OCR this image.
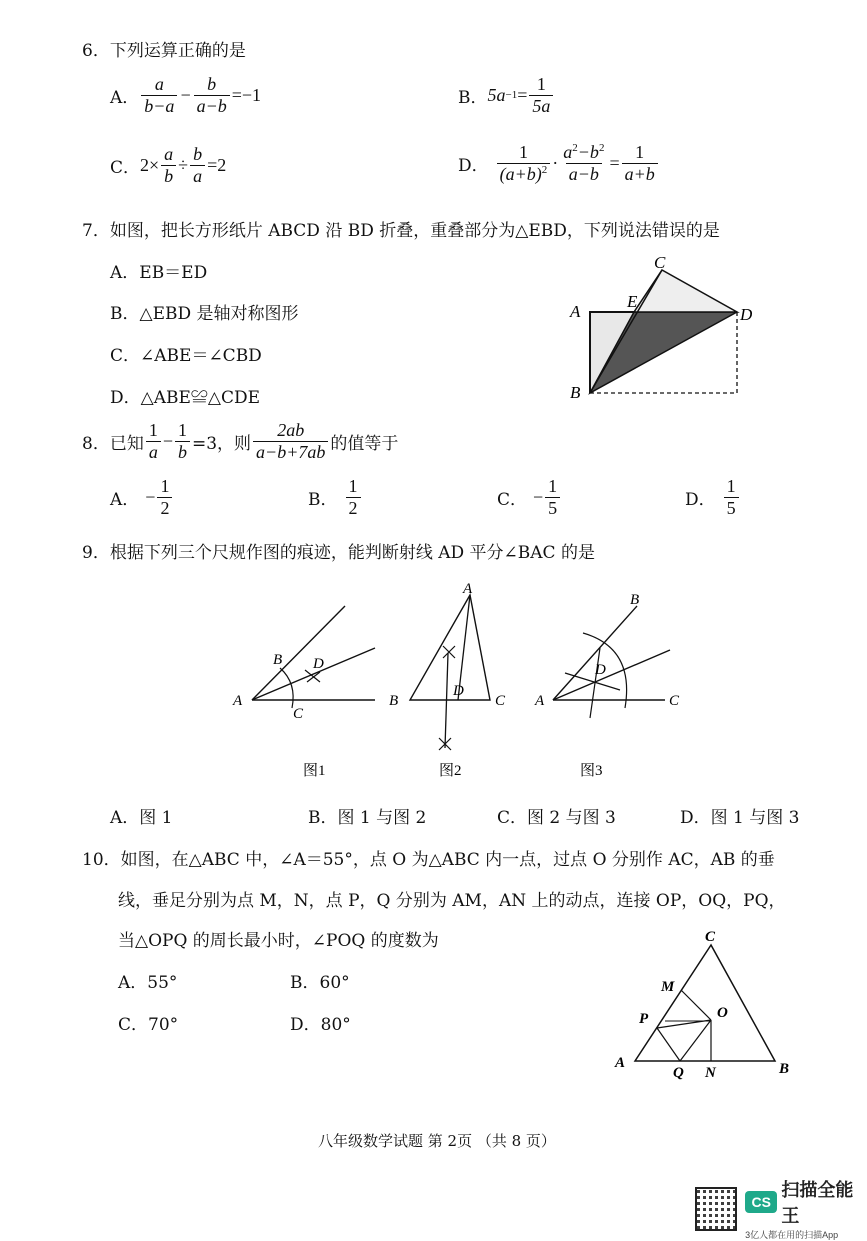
6．下列运算正确的是
A． $\frac{a}{b-a} - \frac{b}{a-b} =-1$	B． $5a -1 = \frac{1}{5a}$
C． $2\times \frac{a}{b} \div \frac{b}{a} =2$	D． $\frac{1}{(a+b)^2} \cdot \frac{a^2-b^2}{a-b} = \frac{1}{a+b}$
7．如图，把长方形纸片 ABCD 沿 BD 折叠，重叠部分为△EBD，下列说法错误的是
A．EB＝ED
B．△EBD 是轴对称图形
C．∠ABE＝∠CBD
D．△ABE≌△CDE
A
B
C
D
E
8．已知 $\frac{1}{a} - \frac{1}{b} =3$，则 $\frac{2ab}{a-b+7ab}$ 的值等于
A． − $\frac{1}{2}$	B． $\frac{1}{2}$	C． − $\frac{1}{5}$	D． $\frac{1}{5}$
9．根据下列三个尺规作图的痕迹，能判断射线 AD 平分∠BAC 的是
A
B
C
D
A
B	C
D
A
B
C
D
图1	图2	图3
A．图 1	B．图 1 与图 2	C．图 2 与图 3	D．图 1 与图 3
10．如图，在△ABC 中，∠A＝55°，点 O 为△ABC 内一点，过点 O 分别作 AC，AB 的垂
线，垂足分别为点 M，N，点 P，Q 分别为 AM，AN 上的动点，连接 OP，OQ，PQ，
当△OPQ 的周长最小时，∠POQ 的度数为
A．55°	B．60°
C．70°	D．80°
C
A	B
M
N
O
P
Q
八年级数学试题 第 2页 （共 8 页）
CS
扫描全能王
3亿人都在用的扫描App
